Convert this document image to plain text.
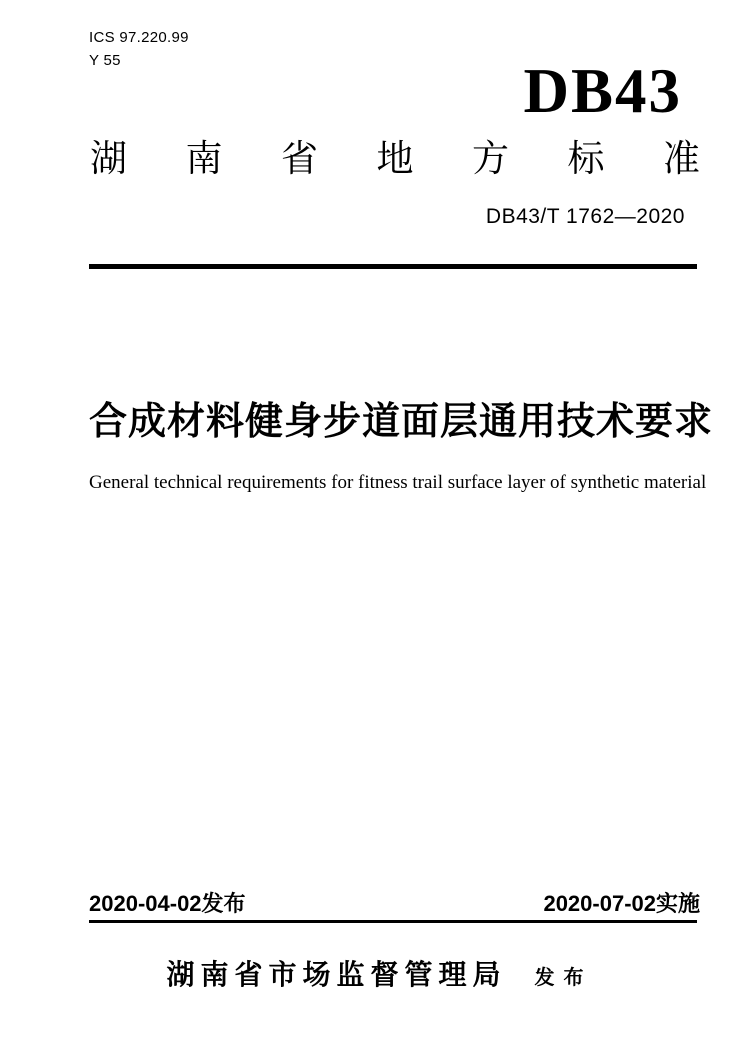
ICS 97.220.99
Y 55	DB43
湖 南 省 地 方 标 准
DB43/T 1762—2020
合成材料健身步道面层通用技术要求
General technical requirements for fitness trail surface layer of synthetic material
2020-04-02发布	2020-07-02实施
湖南省市场监督管理局 发布
